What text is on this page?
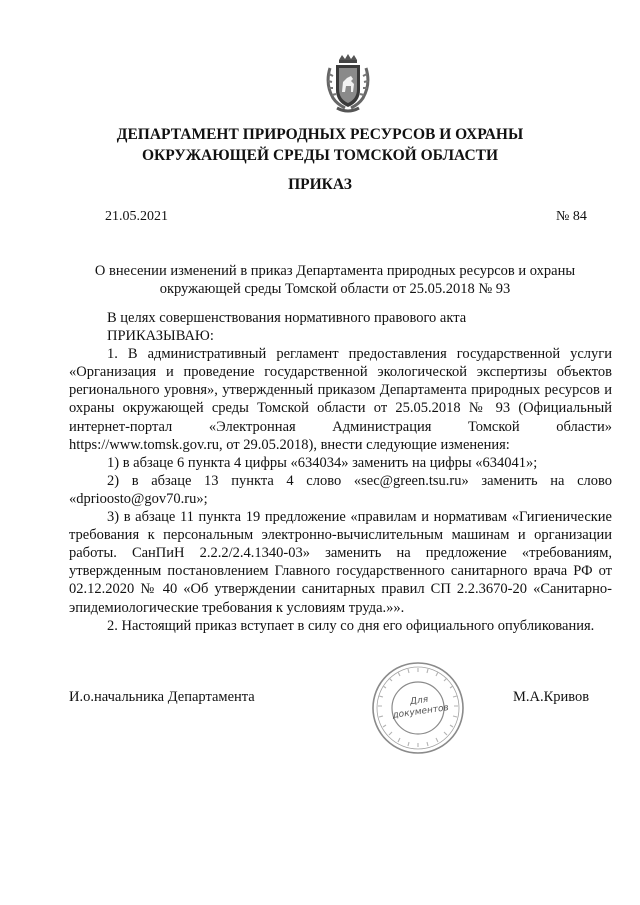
ДЕПАРТАМЕНТ ПРИРОДНЫХ РЕСУРСОВ И ОХРАНЫ
ОКРУЖАЮЩЕЙ СРЕДЫ ТОМСКОЙ ОБЛАСТИ
ПРИКАЗ
21.05.2021	№ 84
О внесении изменений в приказ Департамента природных ресурсов и охраны
окружающей среды Томской области от 25.05.2018 № 93

В целях совершенствования нормативного правового акта

ПРИКАЗЫВАЮ:

1. В административный регламент предоставления государственной услуги «Организация и проведение государственной экологической экспертизы объектов регионального уровня», утвержденный приказом Департамента природных ресурсов и охраны окружающей среды Томской области от 25.05.2018 № 93 (Официальный интернет-портал «Электронная Администрация Томской области» https://www.tomsk.gov.ru, от 29.05.2018), внести следующие изменения:

1) в абзаце 6 пункта 4 цифры «634034» заменить на цифры «634041»;

2) в абзаце 13 пункта 4 слово «sec@green.tsu.ru» заменить на слово «dprioosto@gov70.ru»;

3) в абзаце 11 пункта 19 предложение «правилам и нормативам «Гигиенические требования к персональным электронно-вычислительным машинам и организации работы. СанПиН 2.2.2/2.4.1340-03» заменить на предложение «требованиям, утвержденным постановлением Главного государственного санитарного врача РФ от 02.12.2020 № 40 «Об утверждении санитарных правил СП 2.2.3670-20 «Санитарно-эпидемиологические требования к условиям труда.»».

2. Настоящий приказ вступает в силу со дня его официального опубликования.

И.о.начальника Департамента	М.А.Кривов
Для документов
